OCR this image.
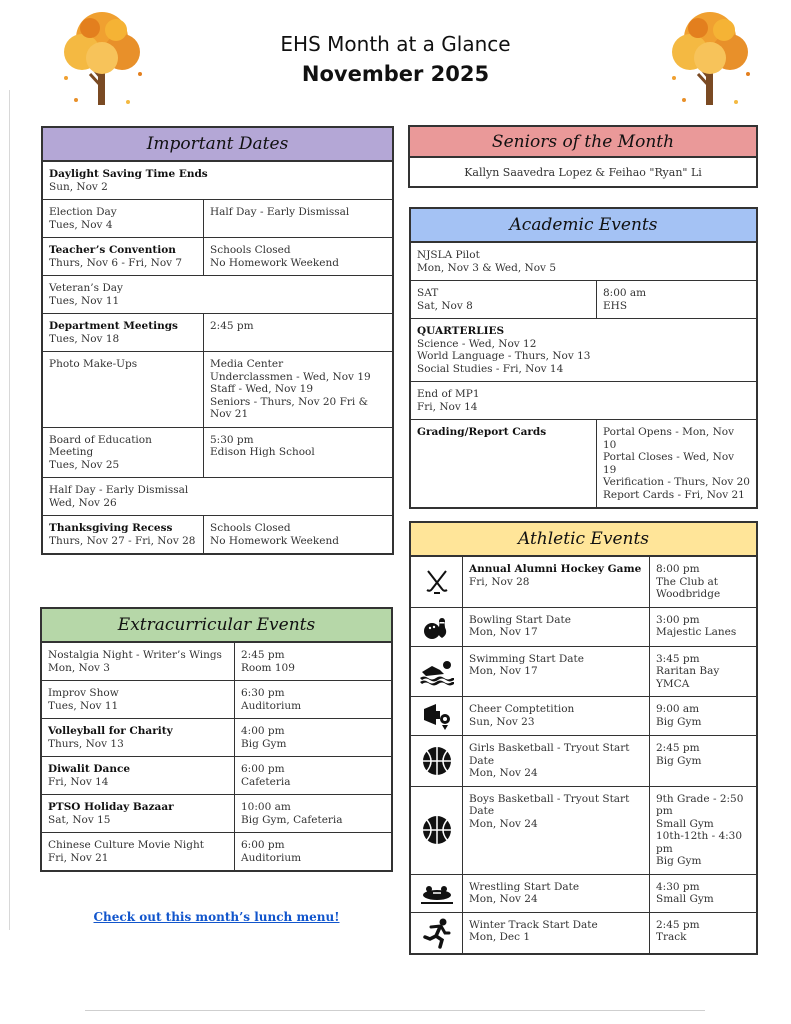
EHS Month at a Glance
November 2025
Important Dates
Daylight Saving Time Ends
Sun, Nov 2
Election Day
Tues, Nov 4
Half Day - Early Dismissal
Teacher’s Convention
Thurs, Nov 6 - Fri, Nov 7
Schools Closed
No Homework Weekend
Veteran’s Day
Tues, Nov 11
Department Meetings
Tues, Nov 18
2:45 pm
Photo Make-Ups	Media Center
Underclassmen - Wed, Nov 19
Staff - Wed, Nov 19
Seniors - Thurs, Nov 20 Fri & Nov 21
Board of Education Meeting
Tues, Nov 25
5:30 pm
Edison High School
Half Day - Early Dismissal
Wed, Nov 26
Thanksgiving Recess
Thurs, Nov 27 - Fri, Nov 28
Schools Closed
No Homework Weekend
Seniors of the Month
Kallyn Saavedra Lopez & Feihao "Ryan" Li
Academic Events
NJSLA Pilot
Mon, Nov 3 & Wed, Nov 5
SAT
Sat, Nov 8
8:00 am
EHS
QUARTERLIES
Science - Wed, Nov 12
World Language - Thurs, Nov 13
Social Studies - Fri, Nov 14
End of MP1
Fri, Nov 14
Grading/Report Cards	Portal Opens - Mon, Nov 10
Portal Closes - Wed, Nov 19
Verification - Thurs, Nov 20
Report Cards - Fri, Nov 21
Athletic Events
Annual Alumni Hockey Game
Fri, Nov 28
8:00 pm
The Club at
Woodbridge
Bowling Start Date
Mon, Nov 17
3:00 pm
Majestic Lanes
Swimming Start Date
Mon, Nov 17
3:45 pm
Raritan Bay YMCA
Cheer Comptetition
Sun, Nov 23
9:00 am
Big Gym
Girls Basketball - Tryout Start Date
Mon, Nov 24
2:45 pm
Big Gym
Boys Basketball - Tryout Start Date
Mon, Nov 24
9th Grade - 2:50 pm
Small Gym
10th-12th - 4:30 pm
Big Gym
Wrestling Start Date
Mon, Nov 24
4:30 pm
Small Gym
Winter Track Start Date
Mon, Dec 1
2:45 pm
Track
Extracurricular Events
Nostalgia Night - Writer’s Wings
Mon, Nov 3
2:45 pm
Room 109
Improv Show
Tues, Nov 11
6:30 pm
Auditorium
Volleyball for Charity
Thurs, Nov 13
4:00 pm
Big Gym
Diwalit Dance
Fri, Nov 14
6:00 pm
Cafeteria
PTSO Holiday Bazaar
Sat, Nov 15
10:00 am
Big Gym, Cafeteria
Chinese Culture Movie Night
Fri, Nov 21
6:00 pm
Auditorium
Check out this month’s lunch menu!
